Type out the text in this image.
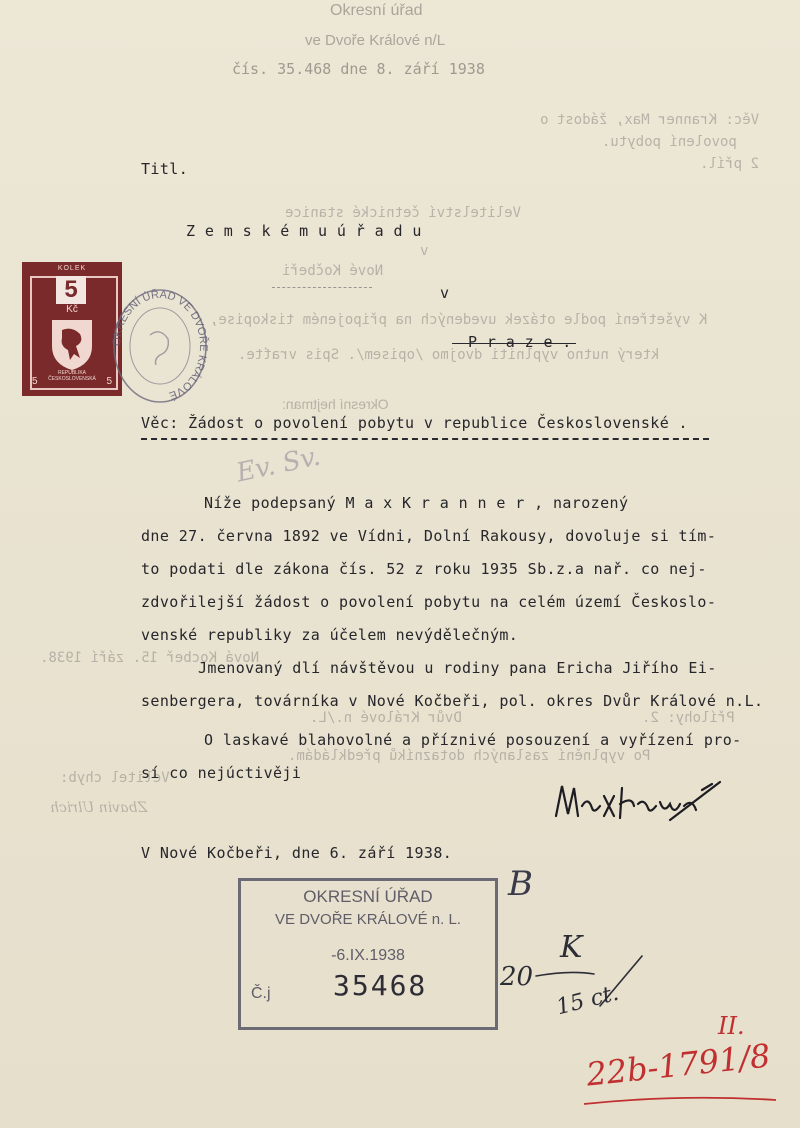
Okresní úřad
ve Dvoře Králové n/L
čís. 35.468 dne 8. září 1938
Věc: Kranner Max, žádost o
povolení pobytu.
2 příl.
Velitelství četnické stanice
v
Nové Kočbeři
K vyšetření podle otázek uvedených na připojeném tiskopise,
který nutno vyplniti dvojmo /opisem/. Spis vraťte.
Okresní hejtman:
Nová Kocbeř 15. září 1938.
Přílohy: 2.
Dvůr Králové n./L.
Po vyplnění zaslaných dotazníků předkládám.
Velitel chyb:
Zbavin Ulrich
Titl.
Z e m s k é m u ú ř a d u
v
P r a z e .
Věc: Žádost o povolení pobytu v republice Československé .
Níže podepsaný M a x K r a n n e r , narozený
dne 27. června 1892 ve Vídni, Dolní Rakousy, dovoluje si tím-
to podati dle zákona čís. 52 z roku 1935 Sb.z.a nař. co nej-
zdvořilejší žádost o povolení pobytu na celém území Českoslo-
venské republiky za účelem nevýdělečným.
Jmenovaný dlí návštěvou u rodiny pana Ericha Jiřího Ei-
senbergera, továrníka v Nové Kočbeři, pol. okres Dvůr Králové n.L.
O laskavé blahovolné a příznivé posouzení a vyřízení pro-
sí co nejúctivěji
V Nové Kočbeři, dne 6. září 1938.
Ev. Sv.
KOLEK
5
Kč
REPUBLIKA ČESKOSLOVENSKÁ
5	5
OKRESNÍ ÚŘAD VE DVOŘE KRÁLOVÉ
OKRESNÍ ÚŘAD
VE DVOŘE KRÁLOVÉ n. L.
-6.IX.1938
Č.j 35468
B
K
20
15 ct.
II.
22b-1791/8
